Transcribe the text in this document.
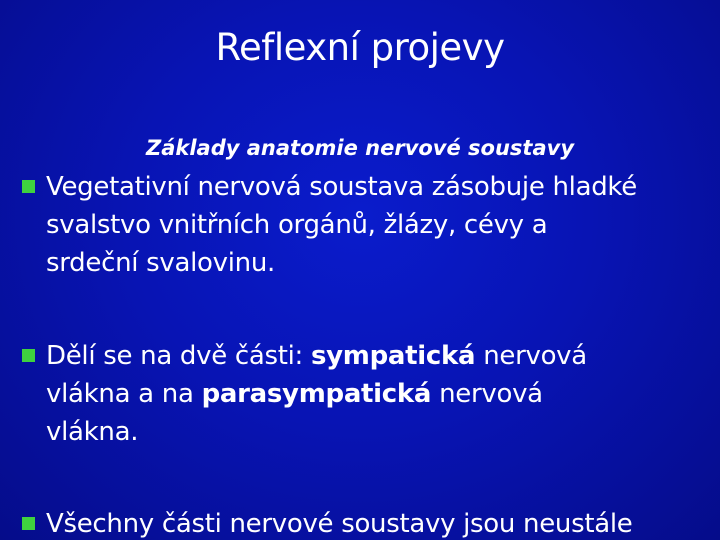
Reflexní projevy
Základy anatomie nervové soustavy
Vegetativní nervová soustava zásobuje hladké
svalstvo vnitřních orgánů, žlázy, cévy a
srdeční svalovinu.
Dělí se na dvě části: sympatická nervová
vlákna a na parasympatická nervová
vlákna.
Všechny části nervové soustavy jsou neustále
